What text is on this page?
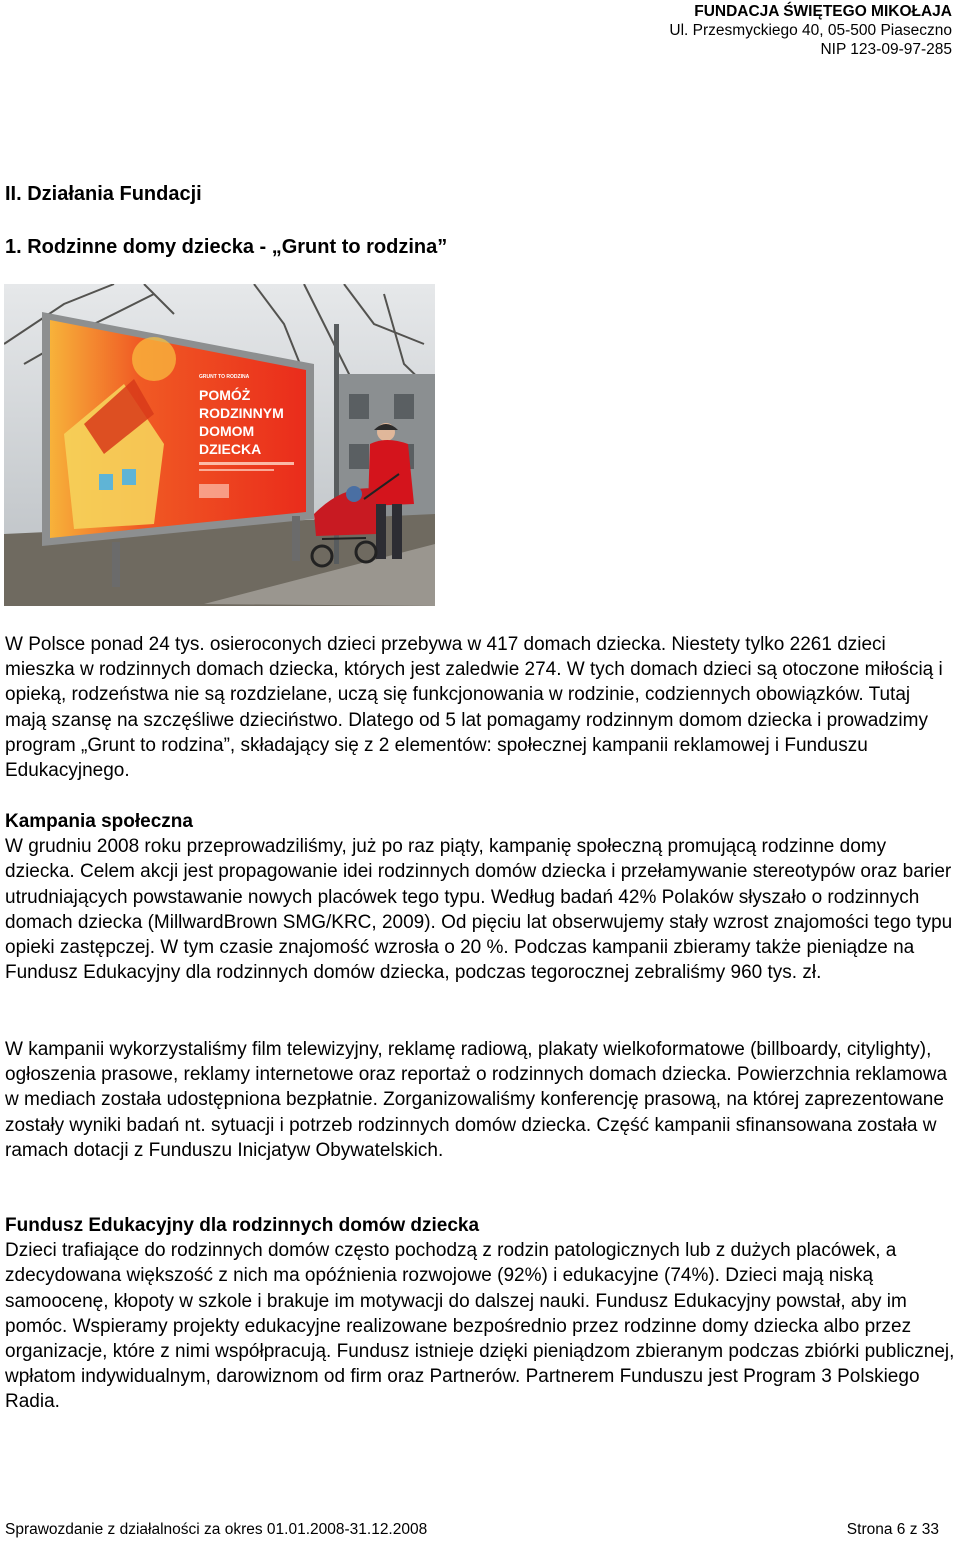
FUNDACJA ŚWIĘTEGO MIKOŁAJA
Ul. Przesmyckiego 40, 05-500 Piaseczno
NIP 123-09-97-285
II. Działania Fundacji
1. Rodzinne domy dziecka - „Grunt to rodzina”
GRUNT TO RODZINA
POMÓŻ
RODZINNYM
DOMOM
DZIECKA

W Polsce ponad 24 tys. osieroconych dzieci przebywa w 417 domach dziecka. Niestety tylko 2261 dzieci mieszka w rodzinnych domach dziecka, których jest zaledwie 274. W tych domach dzieci są otoczone miłością i opieką, rodzeństwa nie są rozdzielane, uczą się funkcjonowania w rodzinie, codziennych obowiązków. Tutaj mają szansę na szczęśliwe dzieciństwo. Dlatego od 5 lat pomagamy rodzinnym domom dziecka i prowadzimy program „Grunt to rodzina”, składający się z 2 elementów: społecznej kampanii reklamowej i Funduszu Edukacyjnego.

Kampania społeczna
W grudniu 2008 roku przeprowadziliśmy, już po raz piąty, kampanię społeczną promującą rodzinne domy dziecka. Celem akcji jest propagowanie idei rodzinnych domów dziecka i przełamywanie stereotypów oraz barier utrudniających powstawanie nowych placówek tego typu. Według badań 42% Polaków słyszało o rodzinnych domach dziecka (MillwardBrown SMG/KRC, 2009). Od pięciu lat obserwujemy stały wzrost znajomości tego typu opieki zastępczej. W tym czasie znajomość wzrosła o 20 %. Podczas kampanii zbieramy także pieniądze na Fundusz Edukacyjny dla rodzinnych domów dziecka, podczas tegorocznej zebraliśmy 960 tys. zł.

W kampanii wykorzystaliśmy film telewizyjny, reklamę radiową, plakaty wielkoformatowe (billboardy, citylighty), ogłoszenia prasowe, reklamy internetowe oraz reportaż o rodzinnych domach dziecka. Powierzchnia reklamowa w mediach została udostępniona bezpłatnie. Zorganizowaliśmy konferencję prasową, na której zaprezentowane zostały wyniki badań nt. sytuacji i potrzeb rodzinnych domów dziecka. Część kampanii sfinansowana została w ramach dotacji z Funduszu Inicjatyw Obywatelskich.

Fundusz Edukacyjny dla rodzinnych domów dziecka
Dzieci trafiające do rodzinnych domów często pochodzą z rodzin patologicznych lub z dużych placówek, a zdecydowana większość z nich ma opóźnienia rozwojowe (92%) i edukacyjne (74%). Dzieci mają niską samoocenę, kłopoty w szkole i brakuje im motywacji do dalszej nauki. Fundusz Edukacyjny powstał, aby im pomóc. Wspieramy projekty edukacyjne realizowane bezpośrednio przez rodzinne domy dziecka albo przez organizacje, które z nimi współpracują. Fundusz istnieje dzięki pieniądzom zbieranym podczas zbiórki publicznej, wpłatom indywidualnym, darowiznom od firm oraz Partnerów. Partnerem Funduszu jest Program 3 Polskiego Radia.
Sprawozdanie z działalności za okres 01.01.2008-31.12.2008	Strona 6 z 33
